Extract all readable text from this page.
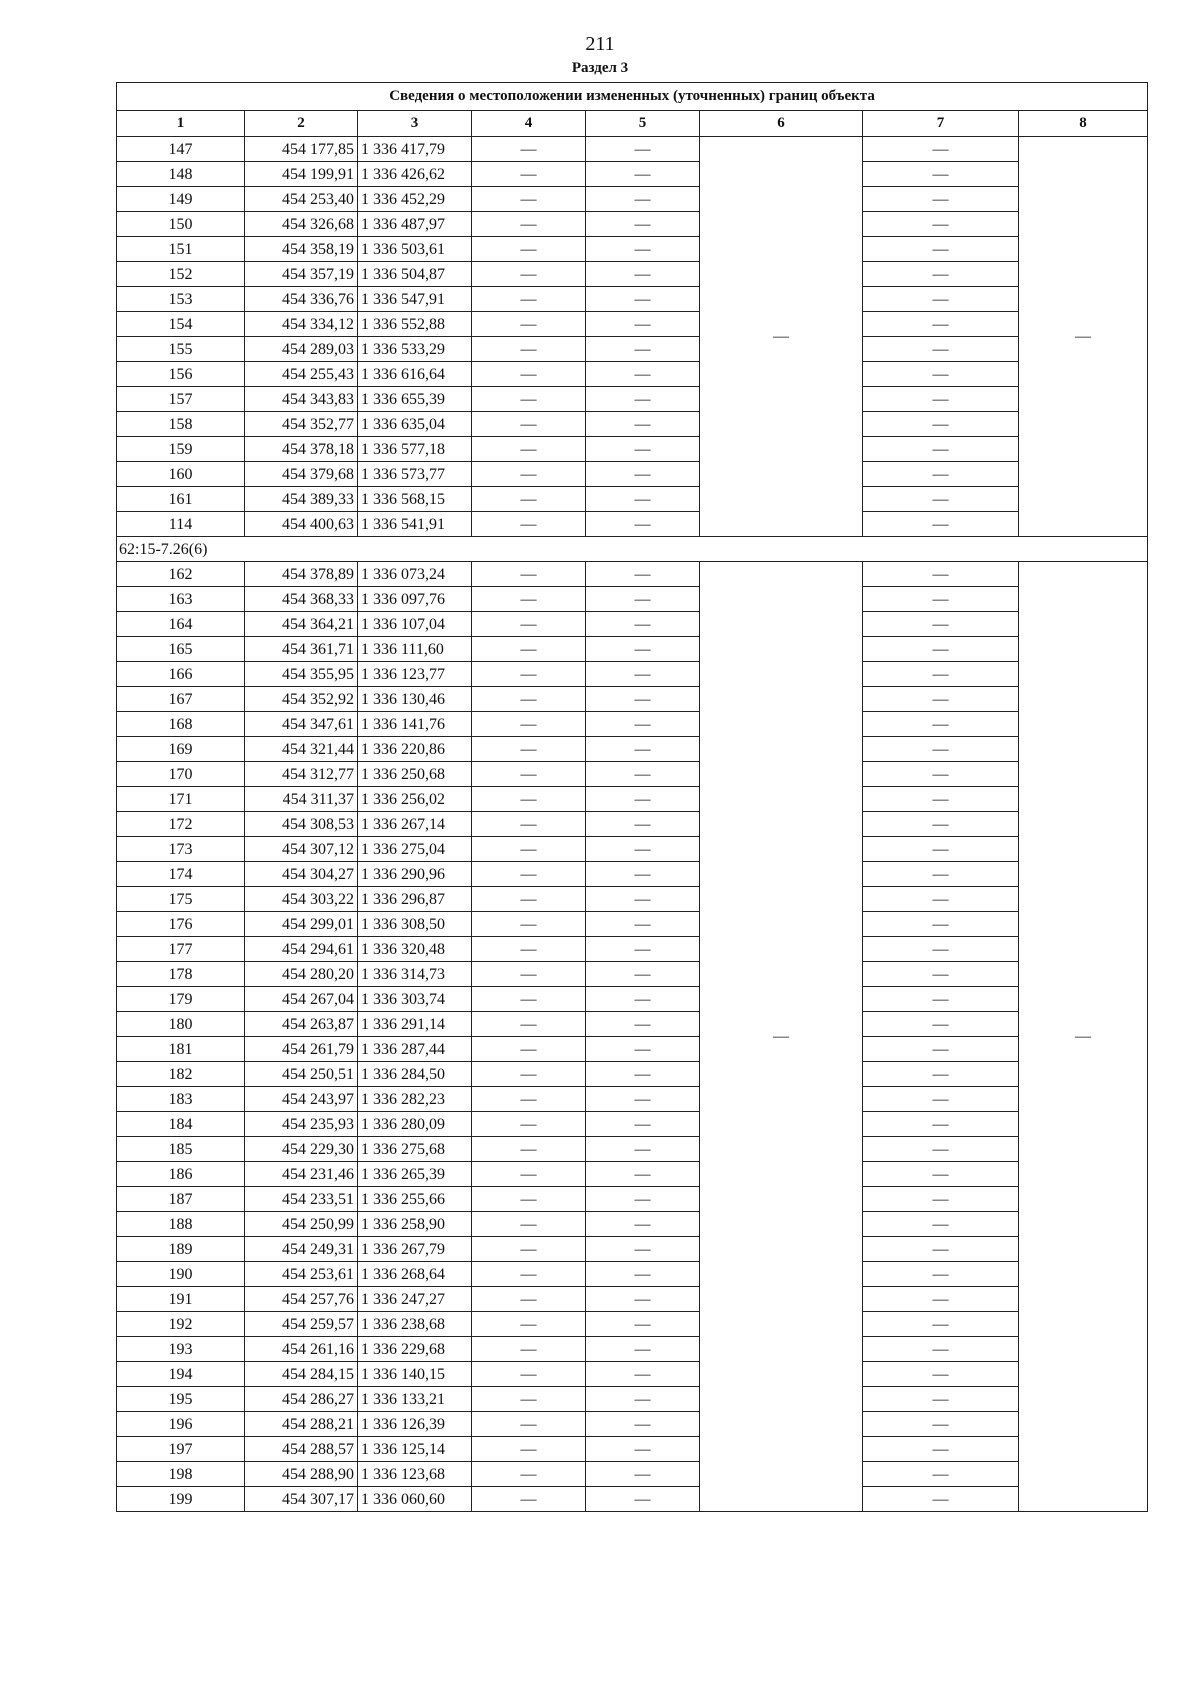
211
Раздел 3
Сведения о местоположении измененных (уточненных) границ объекта							
1	2	3	4	5	6	7	8
147	454 177,85	1 336 417,79	—	—	—	—	—
148	454 199,91	1 336 426,62	—	—		—	
149	454 253,40	1 336 452,29	—	—		—	
150	454 326,68	1 336 487,97	—	—		—	
151	454 358,19	1 336 503,61	—	—		—	
152	454 357,19	1 336 504,87	—	—		—	
153	454 336,76	1 336 547,91	—	—		—	
154	454 334,12	1 336 552,88	—	—		—	
155	454 289,03	1 336 533,29	—	—		—	
156	454 255,43	1 336 616,64	—	—		—	
157	454 343,83	1 336 655,39	—	—		—	
158	454 352,77	1 336 635,04	—	—		—	
159	454 378,18	1 336 577,18	—	—		—	
160	454 379,68	1 336 573,77	—	—		—	
161	454 389,33	1 336 568,15	—	—		—	
114	454 400,63	1 336 541,91	—	—		—	
62:15-7.26(6)							
162	454 378,89	1 336 073,24	—	—	—	—	—
163	454 368,33	1 336 097,76	—	—		—	
164	454 364,21	1 336 107,04	—	—		—	
165	454 361,71	1 336 111,60	—	—		—	
166	454 355,95	1 336 123,77	—	—		—	
167	454 352,92	1 336 130,46	—	—		—	
168	454 347,61	1 336 141,76	—	—		—	
169	454 321,44	1 336 220,86	—	—		—	
170	454 312,77	1 336 250,68	—	—		—	
171	454 311,37	1 336 256,02	—	—		—	
172	454 308,53	1 336 267,14	—	—		—	
173	454 307,12	1 336 275,04	—	—		—	
174	454 304,27	1 336 290,96	—	—		—	
175	454 303,22	1 336 296,87	—	—		—	
176	454 299,01	1 336 308,50	—	—		—	
177	454 294,61	1 336 320,48	—	—		—	
178	454 280,20	1 336 314,73	—	—		—	
179	454 267,04	1 336 303,74	—	—		—	
180	454 263,87	1 336 291,14	—	—		—	
181	454 261,79	1 336 287,44	—	—		—	
182	454 250,51	1 336 284,50	—	—		—	
183	454 243,97	1 336 282,23	—	—		—	
184	454 235,93	1 336 280,09	—	—		—	
185	454 229,30	1 336 275,68	—	—		—	
186	454 231,46	1 336 265,39	—	—		—	
187	454 233,51	1 336 255,66	—	—		—	
188	454 250,99	1 336 258,90	—	—		—	
189	454 249,31	1 336 267,79	—	—		—	
190	454 253,61	1 336 268,64	—	—		—	
191	454 257,76	1 336 247,27	—	—		—	
192	454 259,57	1 336 238,68	—	—		—	
193	454 261,16	1 336 229,68	—	—		—	
194	454 284,15	1 336 140,15	—	—		—	
195	454 286,27	1 336 133,21	—	—		—	
196	454 288,21	1 336 126,39	—	—		—	
197	454 288,57	1 336 125,14	—	—		—	
198	454 288,90	1 336 123,68	—	—		—	
199	454 307,17	1 336 060,60	—	—		—	
